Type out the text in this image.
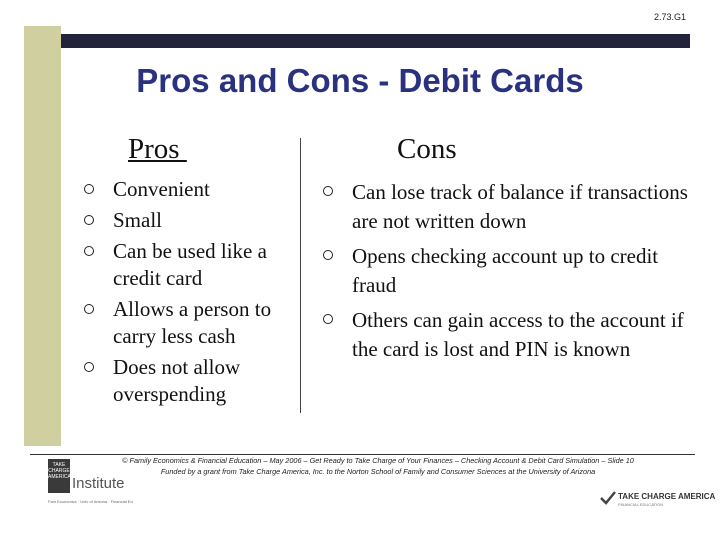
2.73.G1
Pros and Cons - Debit Cards
Pros	Cons
Convenient
Small
Can be used like a credit card
Allows a person to carry less cash
Does not allow overspending
Can lose track of balance if transactions are not written down
Opens checking account up to credit fraud
Others can gain access to the account if the card is lost and PIN is known
© Family Economics & Financial Education – May 2006 – Get Ready to Take Charge of Your Finances – Checking Account & Debit Card Simulation – Slide 10
Funded by a grant from Take Charge America, Inc. to the Norton School of Family and Consumer Sciences at the University of Arizona
TAKE CHARGE AMERICA Institute
Fam Economics · Univ of Arizona · Financial Ed
TAKE CHARGE AMERICA
FINANCIAL EDUCATION
